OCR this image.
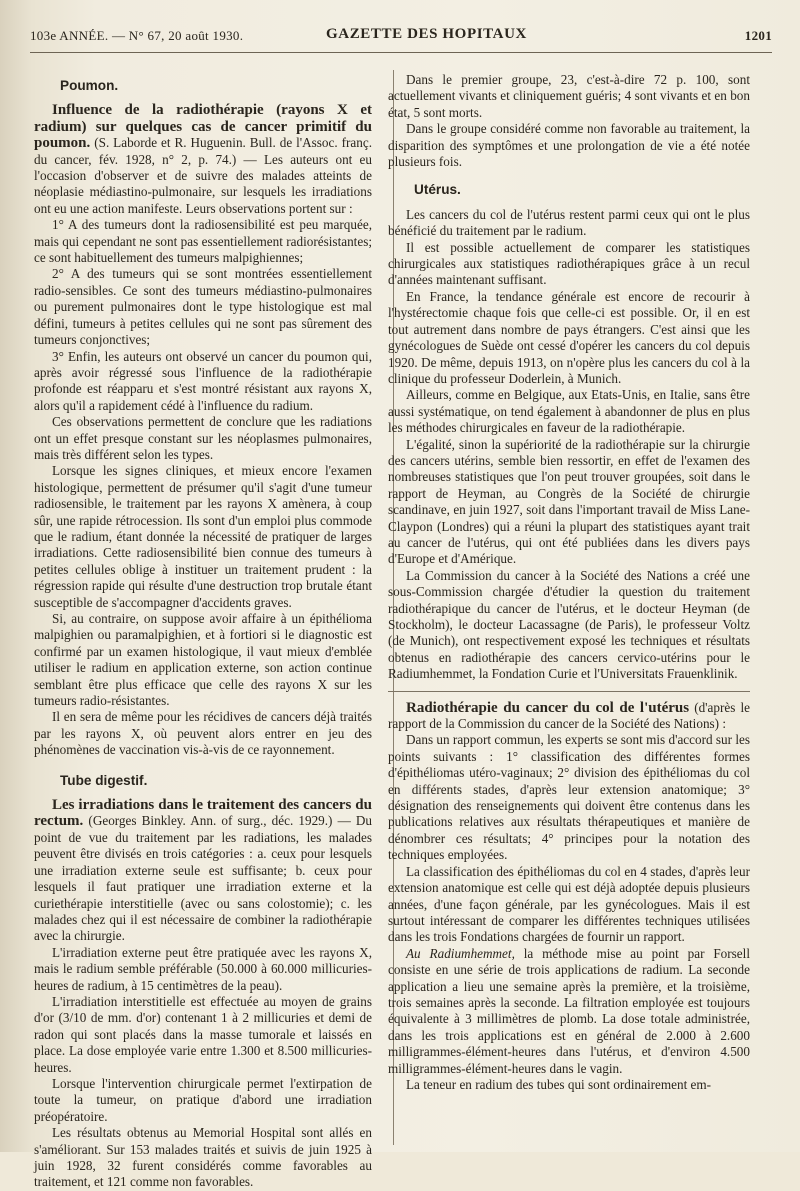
103e ANNÉE. — N° 67, 20 août 1930.	GAZETTE DES HOPITAUX	1201
Poumon.

Influence de la radiothérapie (rayons X et radium) sur quelques cas de cancer primitif du poumon. (S. Laborde et R. Huguenin. Bull. de l'Assoc. franç. du cancer, fév. 1928, n° 2, p. 74.) — Les auteurs ont eu l'occasion d'observer et de suivre des malades atteints de néoplasie médiastino-pulmonaire, sur lesquels les irradiations ont eu une action manifeste. Leurs observations portent sur :

1° A des tumeurs dont la radiosensibilité est peu marquée, mais qui cependant ne sont pas essentiellement radiorésistantes; ce sont habituellement des tumeurs malpighiennes;

2° A des tumeurs qui se sont montrées essentiellement radio-sensibles. Ce sont des tumeurs médiastino-pulmonaires ou purement pulmonaires dont le type histologique est mal défini, tumeurs à petites cellules qui ne sont pas sûrement des tumeurs conjonctives;

3° Enfin, les auteurs ont observé un cancer du poumon qui, après avoir régressé sous l'influence de la radiothérapie profonde est réapparu et s'est montré résistant aux rayons X, alors qu'il a rapidement cédé à l'influence du radium.

Ces observations permettent de conclure que les radiations ont un effet presque constant sur les néoplasmes pulmonaires, mais très différent selon les types.

Lorsque les signes cliniques, et mieux encore l'examen histologique, permettent de présumer qu'il s'agit d'une tumeur radiosensible, le traitement par les rayons X amènera, à coup sûr, une rapide rétrocession. Ils sont d'un emploi plus commode que le radium, étant donnée la nécessité de pratiquer de larges irradiations. Cette radiosensibilité bien connue des tumeurs à petites cellules oblige à instituer un traitement prudent : la régression rapide qui résulte d'une destruction trop brutale étant susceptible de s'accompagner d'accidents graves.

Si, au contraire, on suppose avoir affaire à un épithélioma malpighien ou paramalpighien, et à fortiori si le diagnostic est confirmé par un examen histologique, il vaut mieux d'emblée utiliser le radium en application externe, son action continue semblant être plus efficace que celle des rayons X sur les tumeurs radio-résistantes.

Il en sera de même pour les récidives de cancers déjà traités par les rayons X, où peuvent alors entrer en jeu des phénomènes de vaccination vis-à-vis de ce rayonnement.

Tube digestif.

Les irradiations dans le traitement des cancers du rectum. (Georges Binkley. Ann. of surg., déc. 1929.) — Du point de vue du traitement par les radiations, les malades peuvent être divisés en trois catégories : a. ceux pour lesquels une irradiation externe seule est suffisante; b. ceux pour lesquels il faut pratiquer une irradiation externe et la curiethérapie interstitielle (avec ou sans colostomie); c. les malades chez qui il est nécessaire de combiner la radiothérapie avec la chirurgie.

L'irradiation externe peut être pratiquée avec les rayons X, mais le radium semble préférable (50.000 à 60.000 millicuries-heures de radium, à 15 centimètres de la peau).

L'irradiation interstitielle est effectuée au moyen de grains d'or (3/10 de mm. d'or) contenant 1 à 2 millicuries et demi de radon qui sont placés dans la masse tumorale et laissés en place. La dose employée varie entre 1.300 et 8.500 millicuries-heures.

Lorsque l'intervention chirurgicale permet l'extirpation de toute la tumeur, on pratique d'abord une irradiation préopératoire.

Les résultats obtenus au Memorial Hospital sont allés en s'améliorant. Sur 153 malades traités et suivis de juin 1925 à juin 1928, 32 furent considérés comme favorables au traitement, et 121 comme non favorables.

Dans le premier groupe, 23, c'est-à-dire 72 p. 100, sont actuellement vivants et cliniquement guéris; 4 sont vivants et en bon état, 5 sont morts.

Dans le groupe considéré comme non favorable au traitement, la disparition des symptômes et une prolongation de vie a été notée plusieurs fois.

Utérus.

Les cancers du col de l'utérus restent parmi ceux qui ont le plus bénéficié du traitement par le radium.

Il est possible actuellement de comparer les statistiques chirurgicales aux statistiques radiothérapiques grâce à un recul d'années maintenant suffisant.

En France, la tendance générale est encore de recourir à l'hystérectomie chaque fois que celle-ci est possible. Or, il en est tout autrement dans nombre de pays étrangers. C'est ainsi que les gynécologues de Suède ont cessé d'opérer les cancers du col depuis 1920. De même, depuis 1913, on n'opère plus les cancers du col à la clinique du professeur Doderlein, à Munich.

Ailleurs, comme en Belgique, aux Etats-Unis, en Italie, sans être aussi systématique, on tend également à abandonner de plus en plus les méthodes chirurgicales en faveur de la radiothérapie.

L'égalité, sinon la supériorité de la radiothérapie sur la chirurgie des cancers utérins, semble bien ressortir, en effet de l'examen des nombreuses statistiques que l'on peut trouver groupées, soit dans le rapport de Heyman, au Congrès de la Société de chirurgie scandinave, en juin 1927, soit dans l'important travail de Miss Lane-Claypon (Londres) qui a réuni la plupart des statistiques ayant trait au cancer de l'utérus, qui ont été publiées dans les divers pays d'Europe et d'Amérique.

La Commission du cancer à la Société des Nations a créé une sous-Commission chargée d'étudier la question du traitement radiothérapique du cancer de l'utérus, et le docteur Heyman (de Stockholm), le docteur Lacassagne (de Paris), le professeur Voltz (de Munich), ont respectivement exposé les techniques et résultats obtenus en radiothérapie des cancers cervico-utérins pour le Radiumhemmet, la Fondation Curie et l'Universitats Frauenklinik.

Radiothérapie du cancer du col de l'utérus (d'après le rapport de la Commission du cancer de la Société des Nations) :

Dans un rapport commun, les experts se sont mis d'accord sur les points suivants : 1° classification des différentes formes d'épithéliomas utéro-vaginaux; 2° division des épithéliomas du col en différents stades, d'après leur extension anatomique; 3° désignation des renseignements qui doivent être contenus dans les publications relatives aux résultats thérapeutiques et manière de dénombrer ces résultats; 4° principes pour la notation des techniques employées.

La classification des épithéliomas du col en 4 stades, d'après leur extension anatomique est celle qui est déjà adoptée depuis plusieurs années, d'une façon générale, par les gynécologues. Mais il est surtout intéressant de comparer les différentes techniques utilisées dans les trois Fondations chargées de fournir un rapport.

Au Radiumhemmet, la méthode mise au point par Forsell consiste en une série de trois applications de radium. La seconde application a lieu une semaine après la première, et la troisième, trois semaines après la seconde. La filtration employée est toujours équivalente à 3 millimètres de plomb. La dose totale administrée, dans les trois applications est en général de 2.000 à 2.600 milligrammes-élément-heures dans l'utérus, et d'environ 4.500 milligrammes-élément-heures dans le vagin.

La teneur en radium des tubes qui sont ordinairement em-
